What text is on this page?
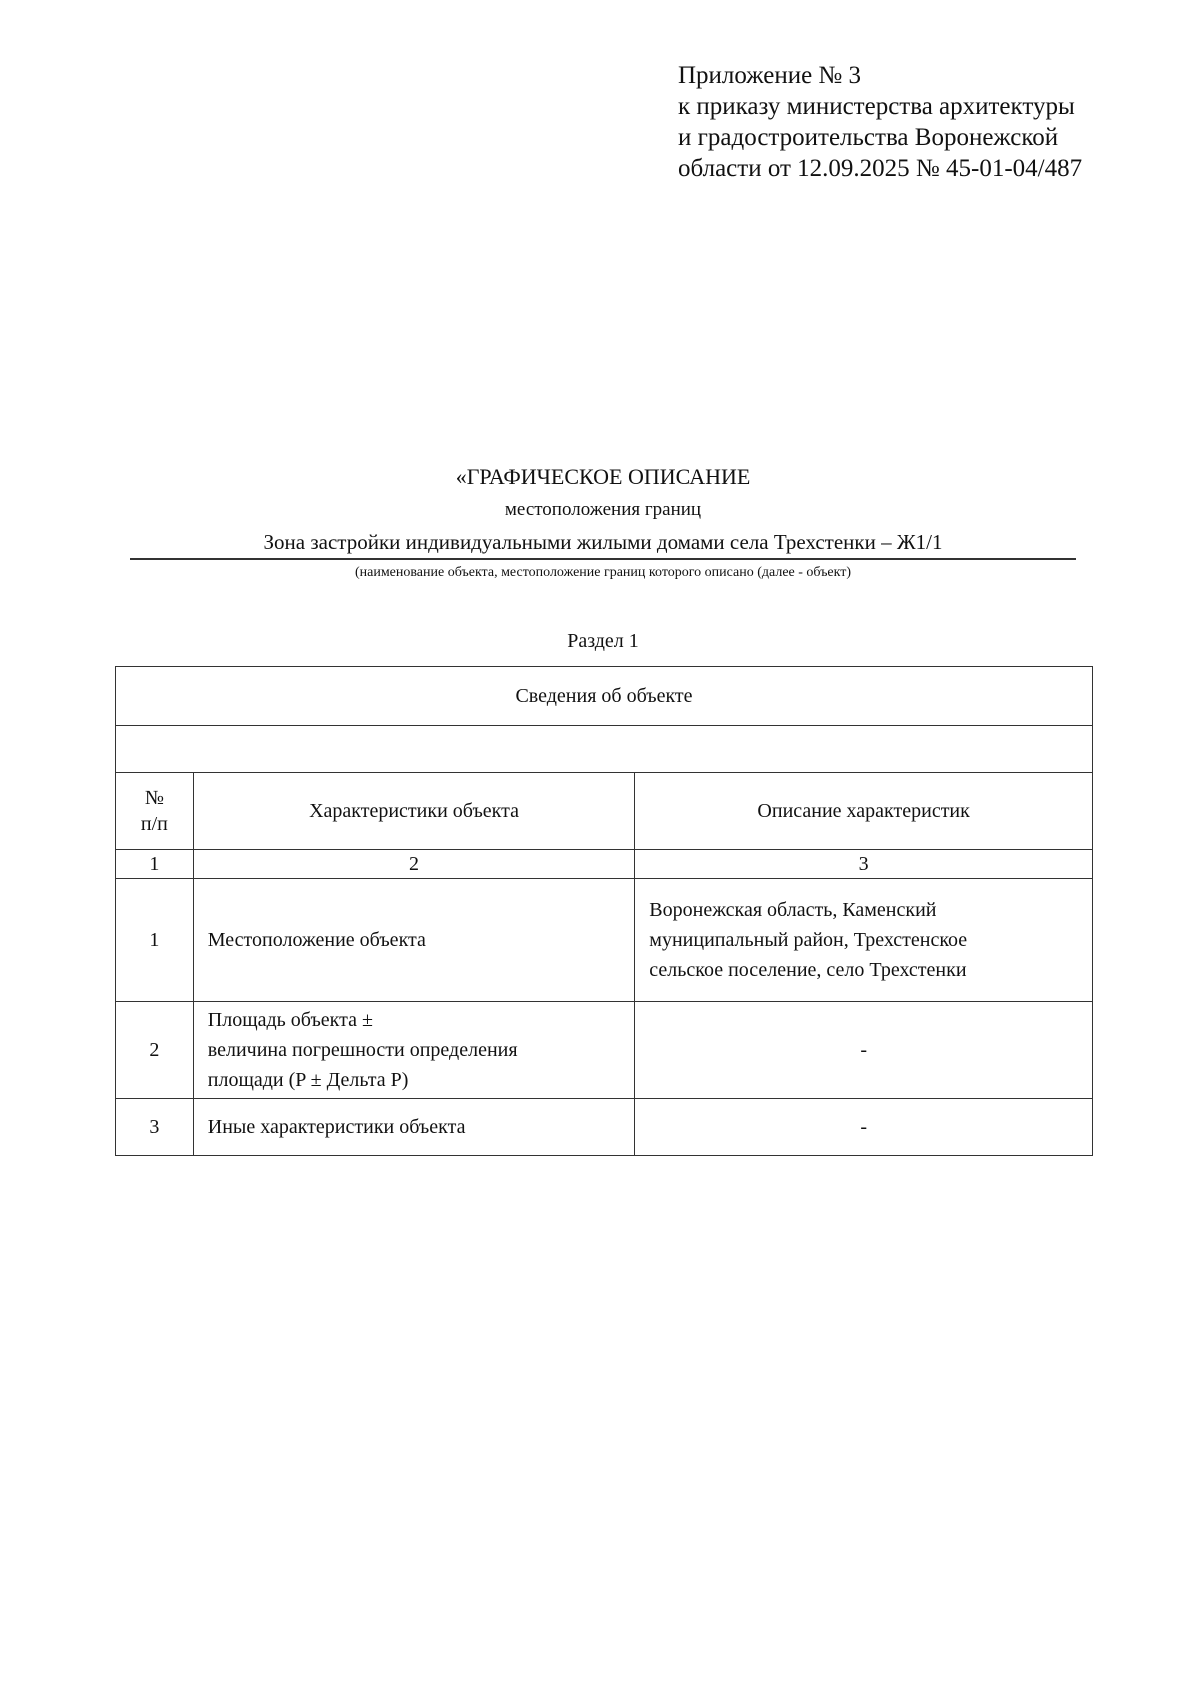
Приложение № 3
к приказу министерства архитектуры
и градостроительства Воронежской
области от 12.09.2025 № 45-01-04/487
«ГРАФИЧЕСКОЕ ОПИСАНИЕ
местоположения границ
Зона застройки индивидуальными жилыми домами села Трехстенки – Ж1/1
(наименование объекта, местоположение границ которого описано (далее - объект)
Раздел 1
Сведения об объекте		

№
п/п	Характеристики объекта	Описание характеристик
1	2	3
1	Местоположение объекта	Воронежская область, Каменский
муниципальный район, Трехстенское
сельское поселение, село Трехстенки

2	Площадь объекта ±
величина погрешности определения
площади (P ± Дельта P)	-

3	Иные характеристики объекта	-
